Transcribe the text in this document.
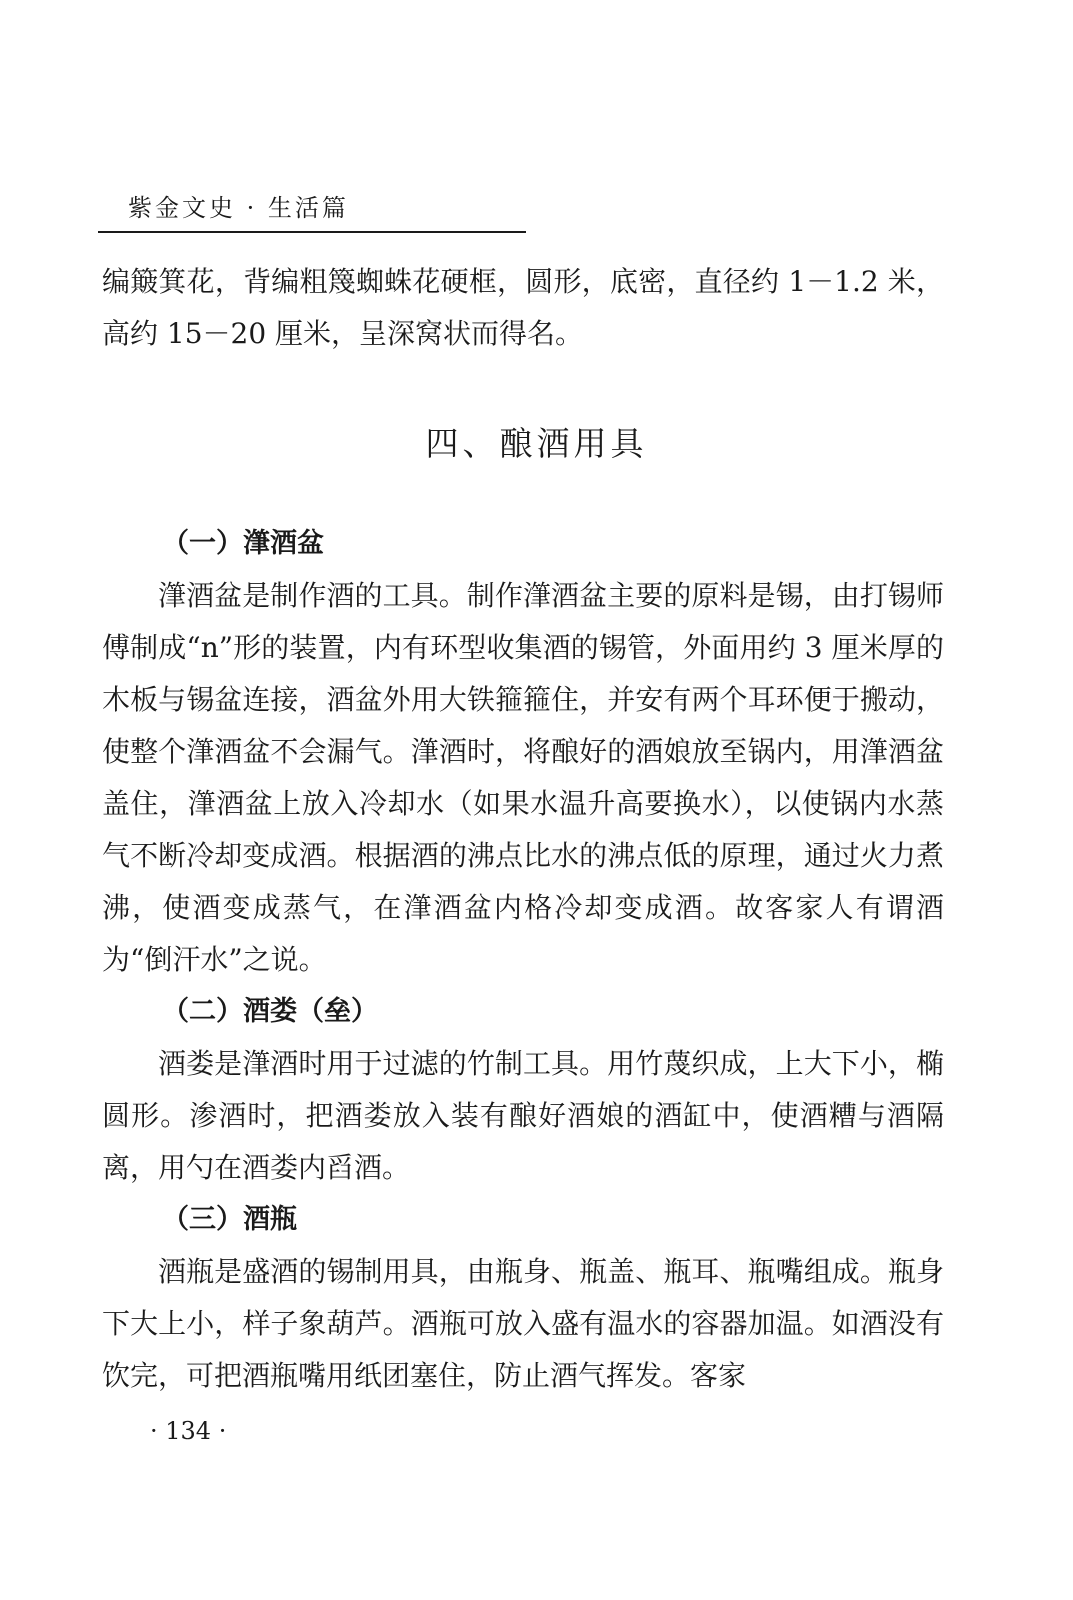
紫金文史 · 生活篇

编簸箕花，背编粗篾蜘蛛花硬框，圆形，底密，直径约 1－1.2 米，高约 15－20 厘米，呈深窝状而得名。

四、酿酒用具

（一）潷酒盆

潷酒盆是制作酒的工具。制作潷酒盆主要的原料是锡，由打锡师傅制成“n”形的装置，内有环型收集酒的锡管，外面用约 3 厘米厚的木板与锡盆连接，酒盆外用大铁箍箍住，并安有两个耳环便于搬动，使整个潷酒盆不会漏气。潷酒时，将酿好的酒娘放至锅内，用潷酒盆盖住，潷酒盆上放入冷却水（如果水温升高要换水），以使锅内水蒸气不断冷却变成酒。根据酒的沸点比水的沸点低的原理，通过火力煮沸，使酒变成蒸气，在潷酒盆内格冷却变成酒。故客家人有谓酒为“倒汗水”之说。

（二）酒娄（垒）

酒娄是潷酒时用于过滤的竹制工具。用竹蔑织成，上大下小，椭圆形。渗酒时，把酒娄放入装有酿好酒娘的酒缸中，使酒糟与酒隔离，用勺在酒娄内舀酒。

（三）酒瓶

酒瓶是盛酒的锡制用具，由瓶身、瓶盖、瓶耳、瓶嘴组成。瓶身下大上小，样子象葫芦。酒瓶可放入盛有温水的容器加温。如酒没有饮完，可把酒瓶嘴用纸团塞住，防止酒气挥发。客家

· 134 ·
